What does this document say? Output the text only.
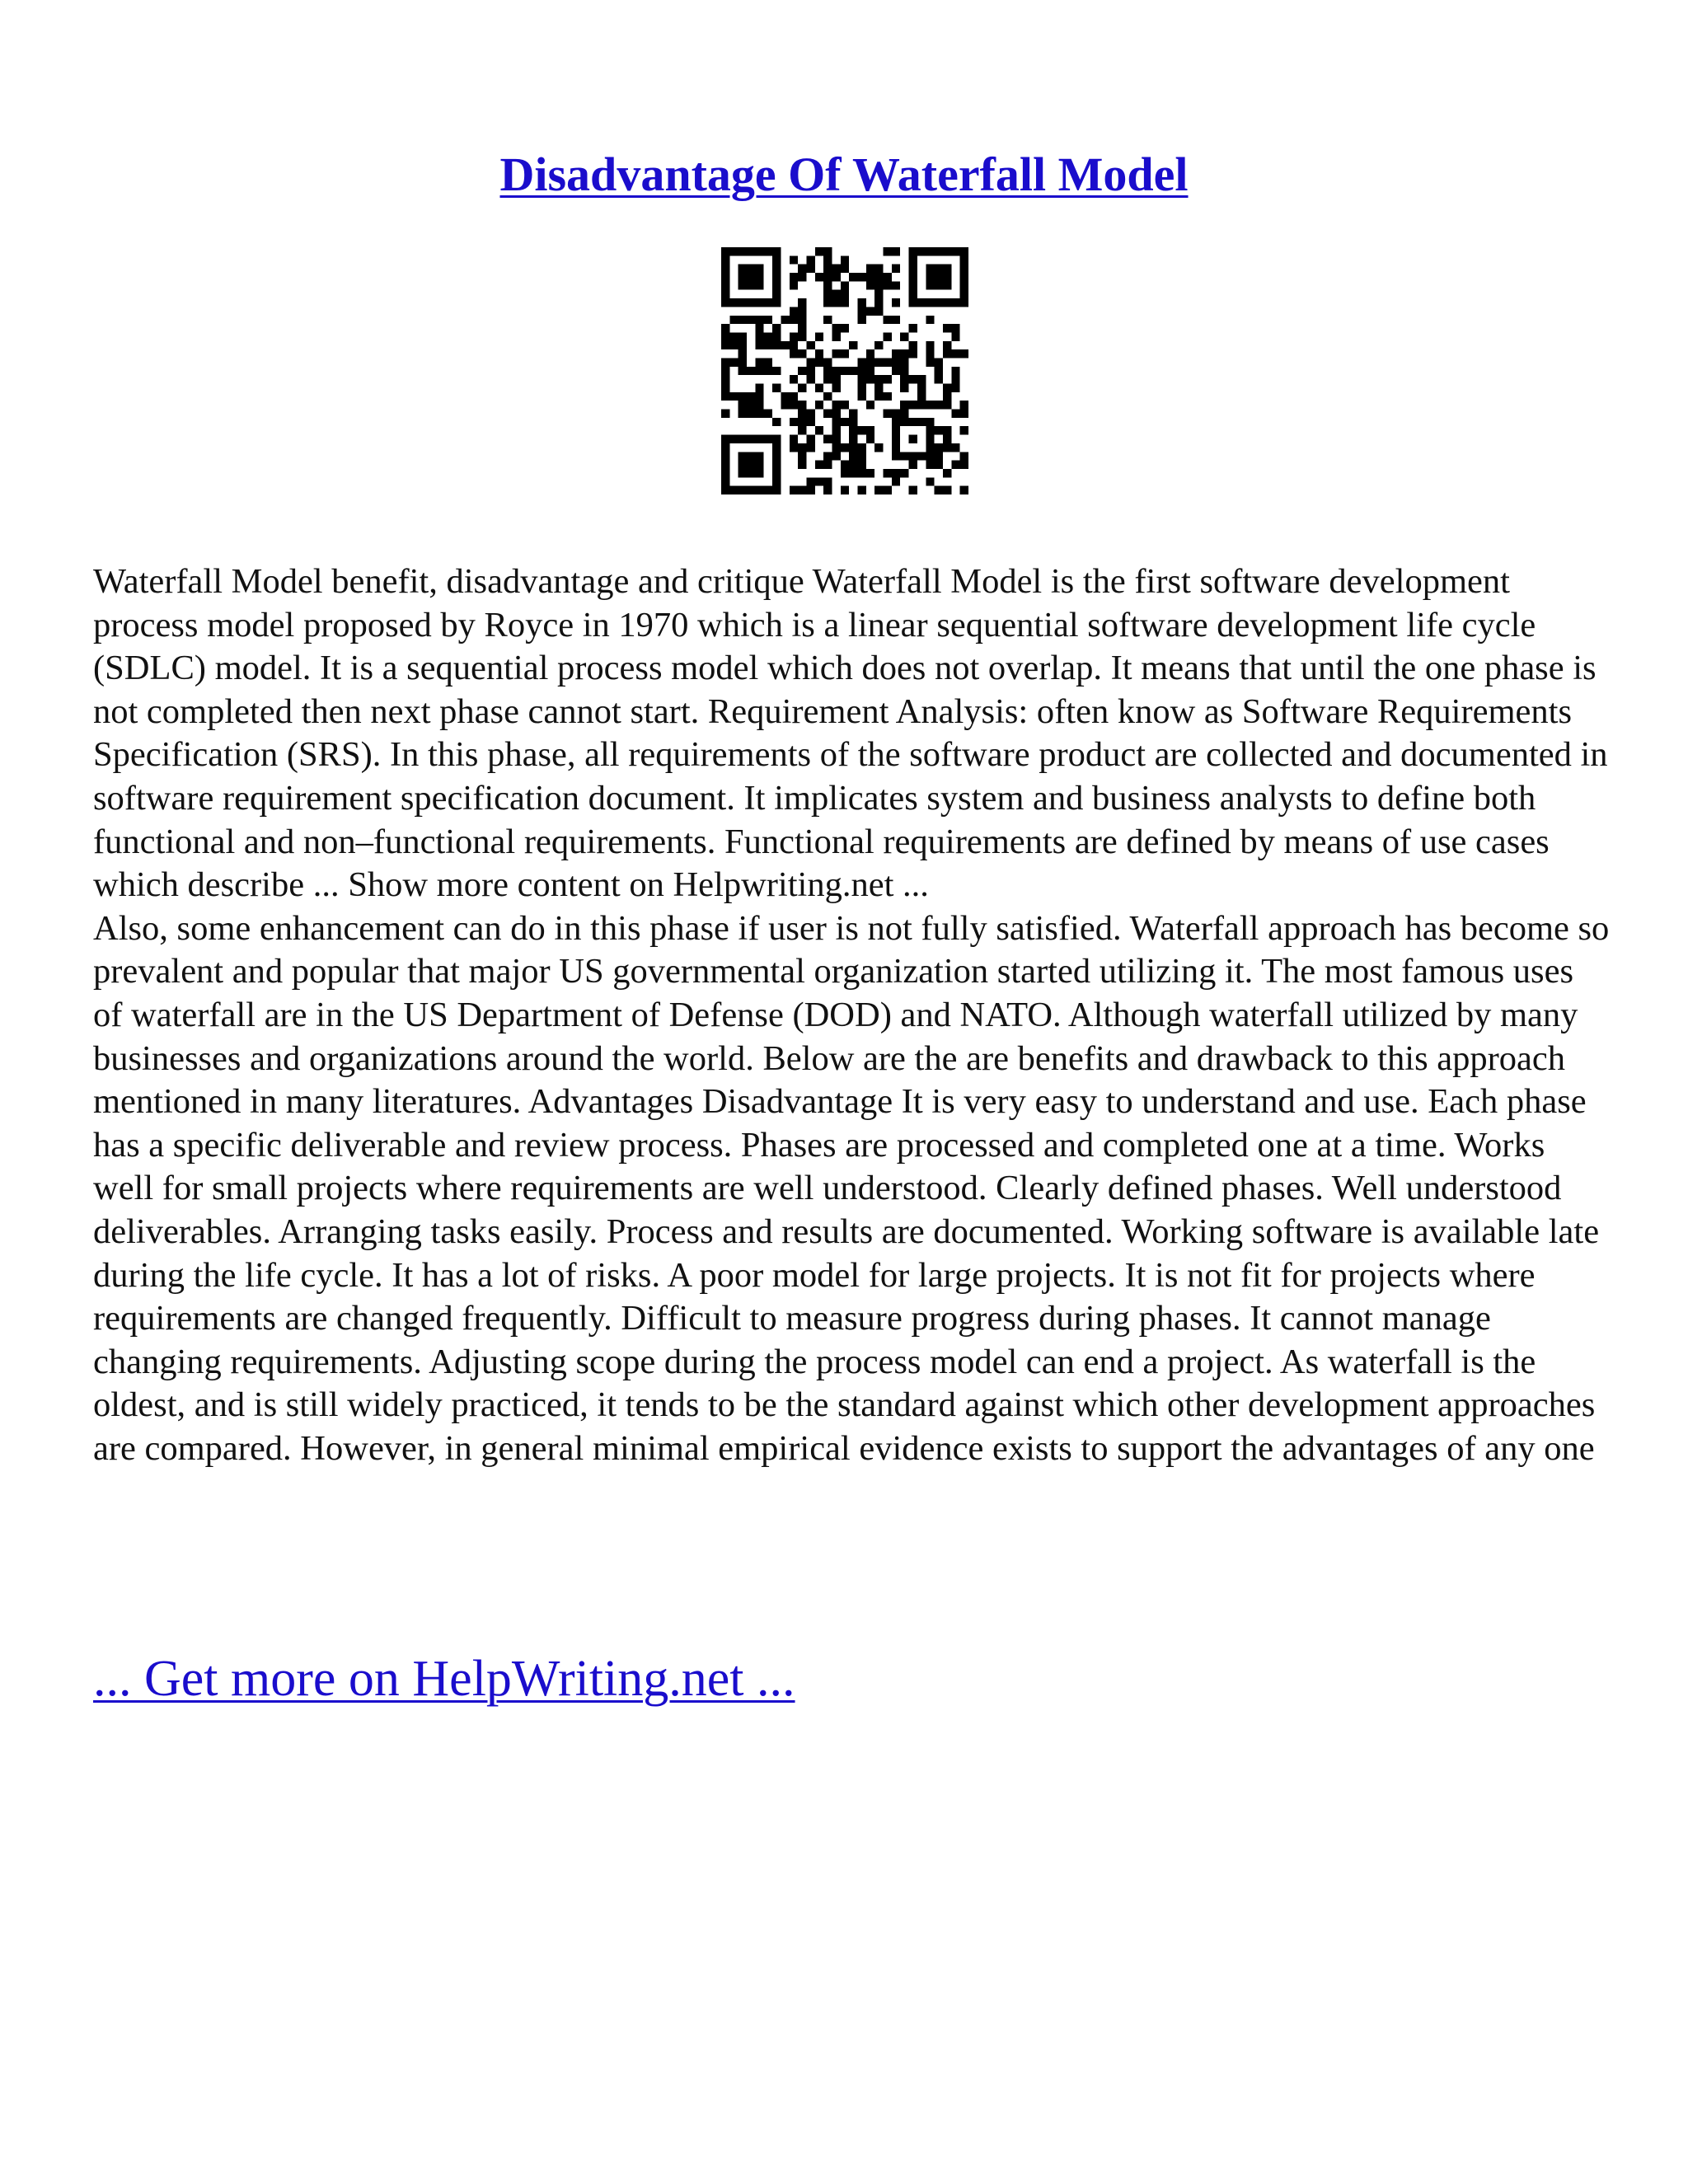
Disadvantage Of Waterfall Model

Waterfall Model benefit, disadvantage and critique Waterfall Model is the first software development process model proposed by Royce in 1970 which is a linear sequential software development life cycle (SDLC) model. It is a sequential process model which does not overlap. It means that until the one phase is not completed then next phase cannot start. Requirement Analysis: often know as Software Requirements Specification (SRS). In this phase, all requirements of the software product are collected and documented in software requirement specification document. It implicates system and business analysts to define both functional and non–functional requirements. Functional requirements are defined by means of use cases which describe ... Show more content on Helpwriting.net ...

Also, some enhancement can do in this phase if user is not fully satisfied. Waterfall approach has become so prevalent and popular that major US governmental organization started utilizing it. The most famous uses of waterfall are in the US Department of Defense (DOD) and NATO. Although waterfall utilized by many businesses and organizations around the world. Below are the are benefits and drawback to this approach mentioned in many literatures. Advantages Disadvantage It is very easy to understand and use. Each phase has a specific deliverable and review process. Phases are processed and completed one at a time. Works well for small projects where requirements are well understood. Clearly defined phases. Well understood deliverables. Arranging tasks easily. Process and results are documented. Working software is available late during the life cycle. It has a lot of risks. A poor model for large projects. It is not fit for projects where requirements are changed frequently. Difficult to measure progress during phases. It cannot manage changing requirements. Adjusting scope during the process model can end a project. As waterfall is the oldest, and is still widely practiced, it tends to be the standard against which other development approaches are compared. However, in general minimal empirical evidence exists to support the advantages of any one

... Get more on HelpWriting.net ...
